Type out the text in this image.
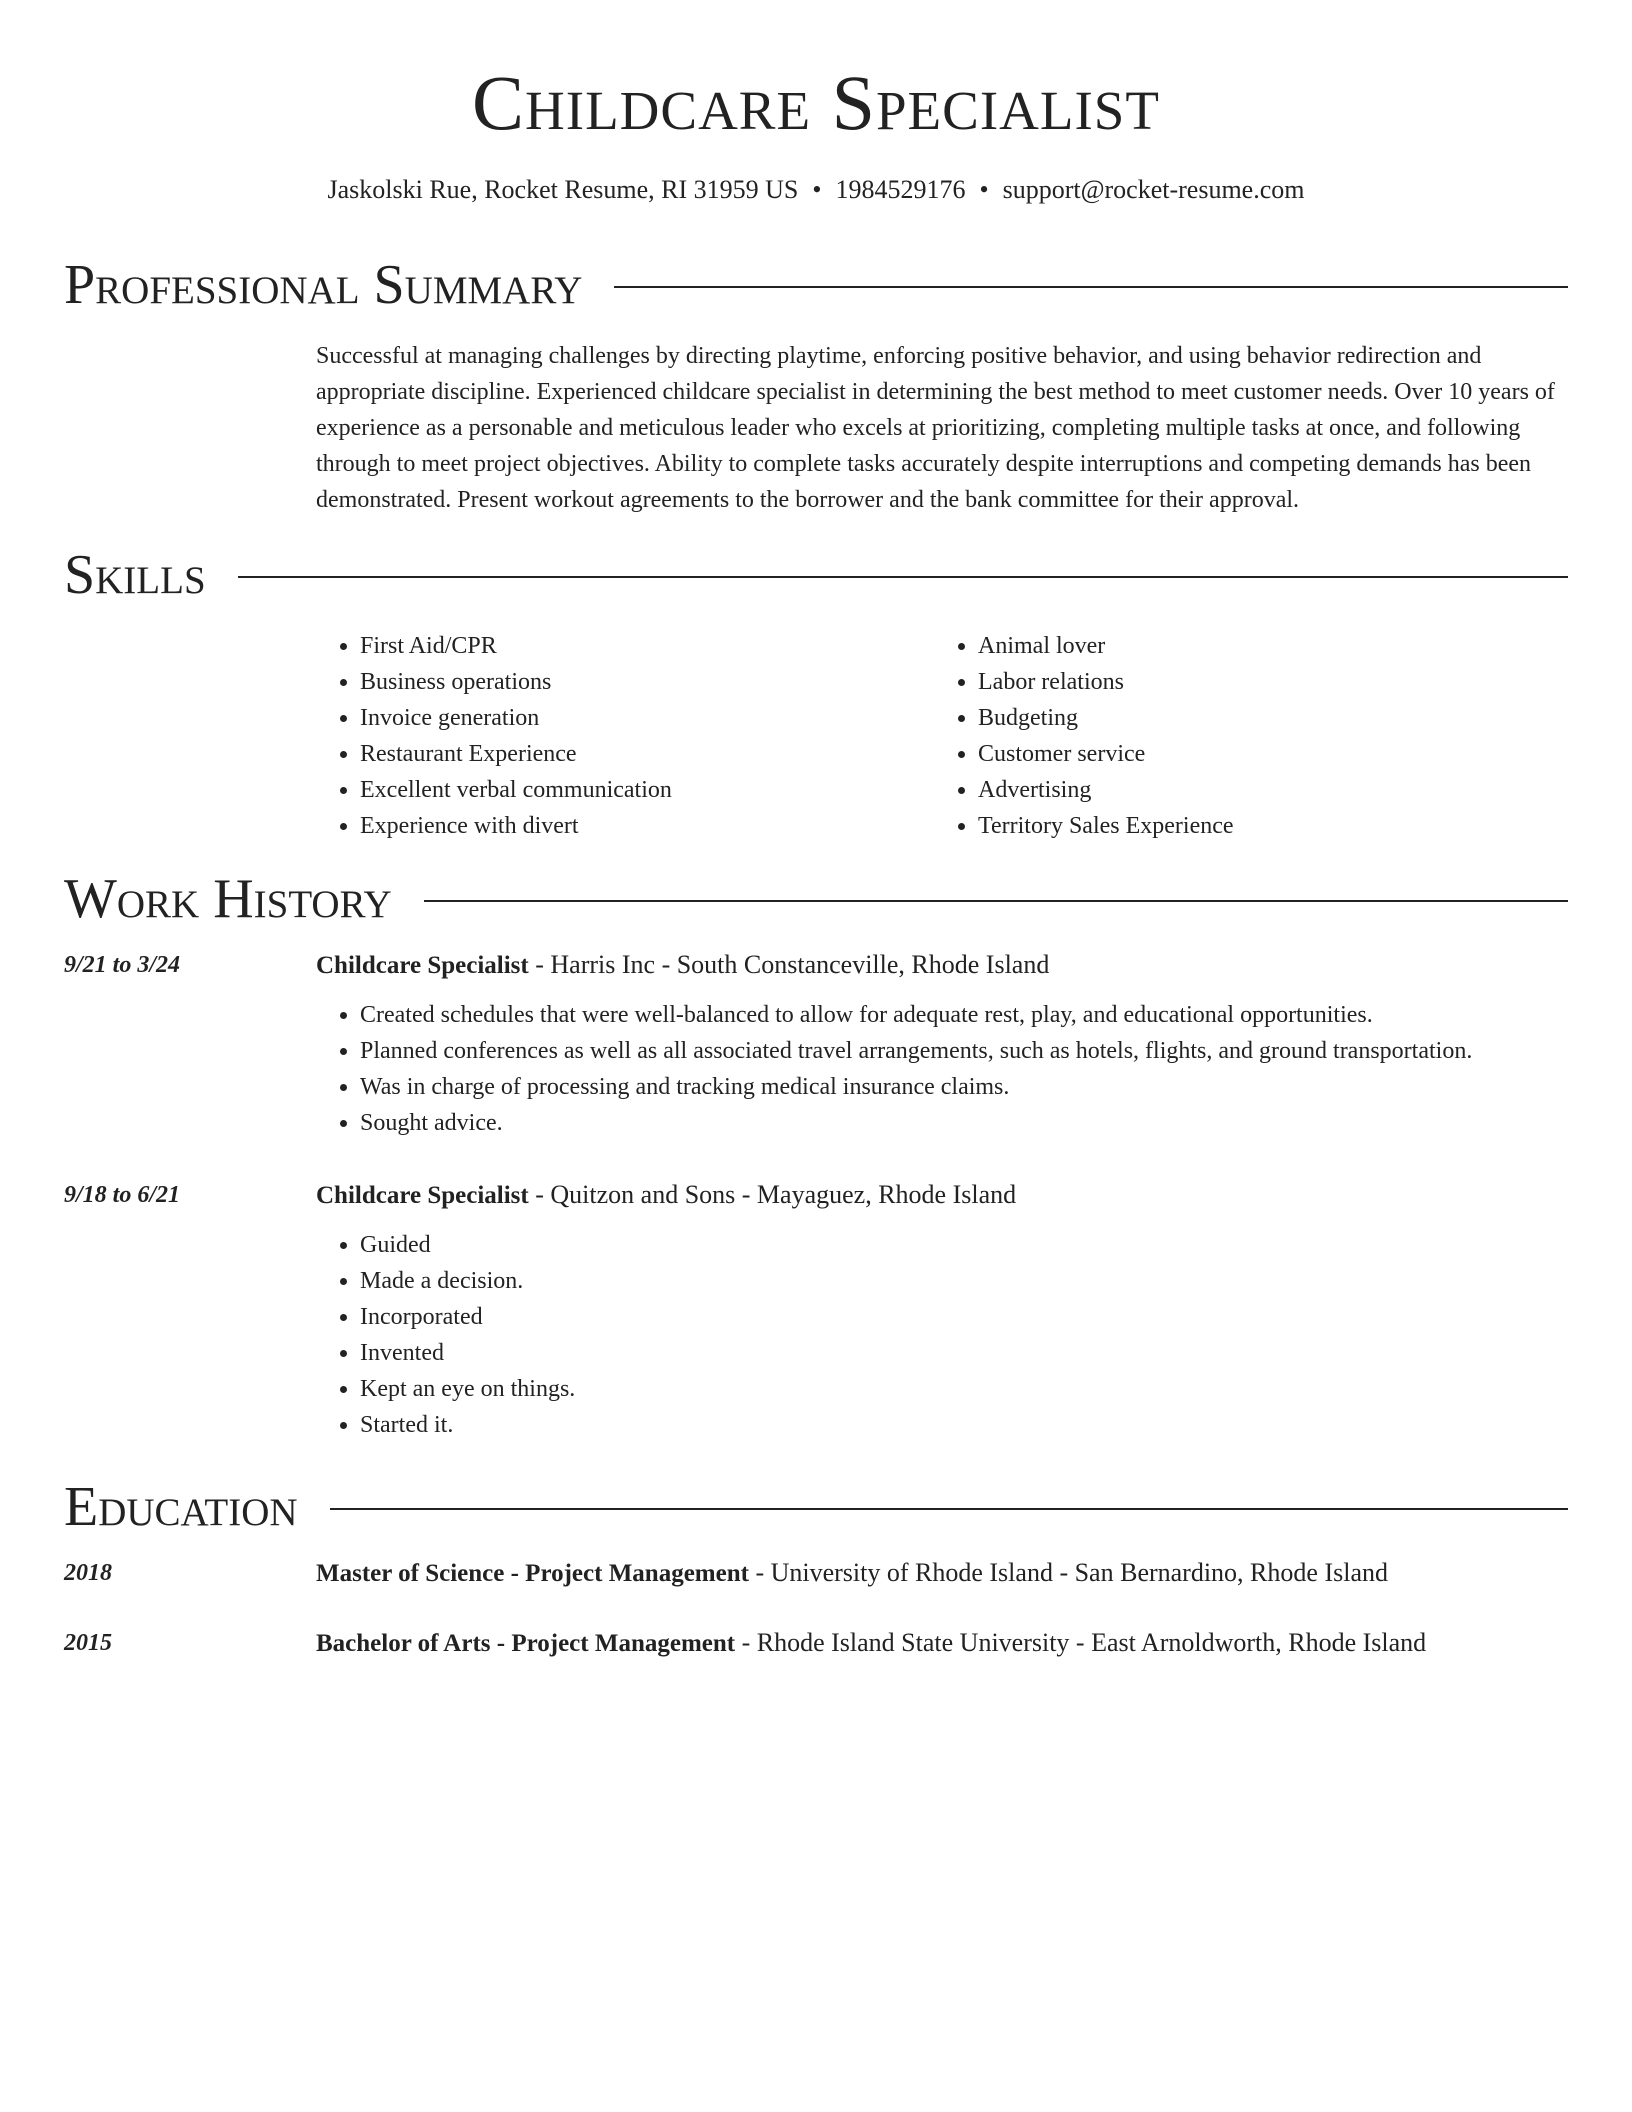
Childcare Specialist
Jaskolski Rue, Rocket Resume, RI 31959 US • 1984529176 • support@rocket-resume.com
Professional Summary
Successful at managing challenges by directing playtime, enforcing positive behavior, and using behavior redirection and appropriate discipline. Experienced childcare specialist in determining the best method to meet customer needs. Over 10 years of experience as a personable and meticulous leader who excels at prioritizing, completing multiple tasks at once, and following through to meet project objectives. Ability to complete tasks accurately despite interruptions and competing demands has been demonstrated. Present workout agreements to the borrower and the bank committee for their approval.
Skills
• First Aid/CPR
• Business operations
• Invoice generation
• Restaurant Experience
• Excellent verbal communication
• Experience with divert
• Animal lover
• Labor relations
• Budgeting
• Customer service
• Advertising
• Territory Sales Experience
Work History
9/21 to 3/24	Childcare Specialist - Harris Inc - South Constanceville, Rhode Island
• Created schedules that were well-balanced to allow for adequate rest, play, and educational opportunities.
• Planned conferences as well as all associated travel arrangements, such as hotels, flights, and ground transportation.
• Was in charge of processing and tracking medical insurance claims.
• Sought advice.
9/18 to 6/21	Childcare Specialist - Quitzon and Sons - Mayaguez, Rhode Island
• Guided
• Made a decision.
• Incorporated
• Invented
• Kept an eye on things.
• Started it.
Education
2018	Master of Science - Project Management - University of Rhode Island - San Bernardino, Rhode Island
2015	Bachelor of Arts - Project Management - Rhode Island State University - East Arnoldworth, Rhode Island
